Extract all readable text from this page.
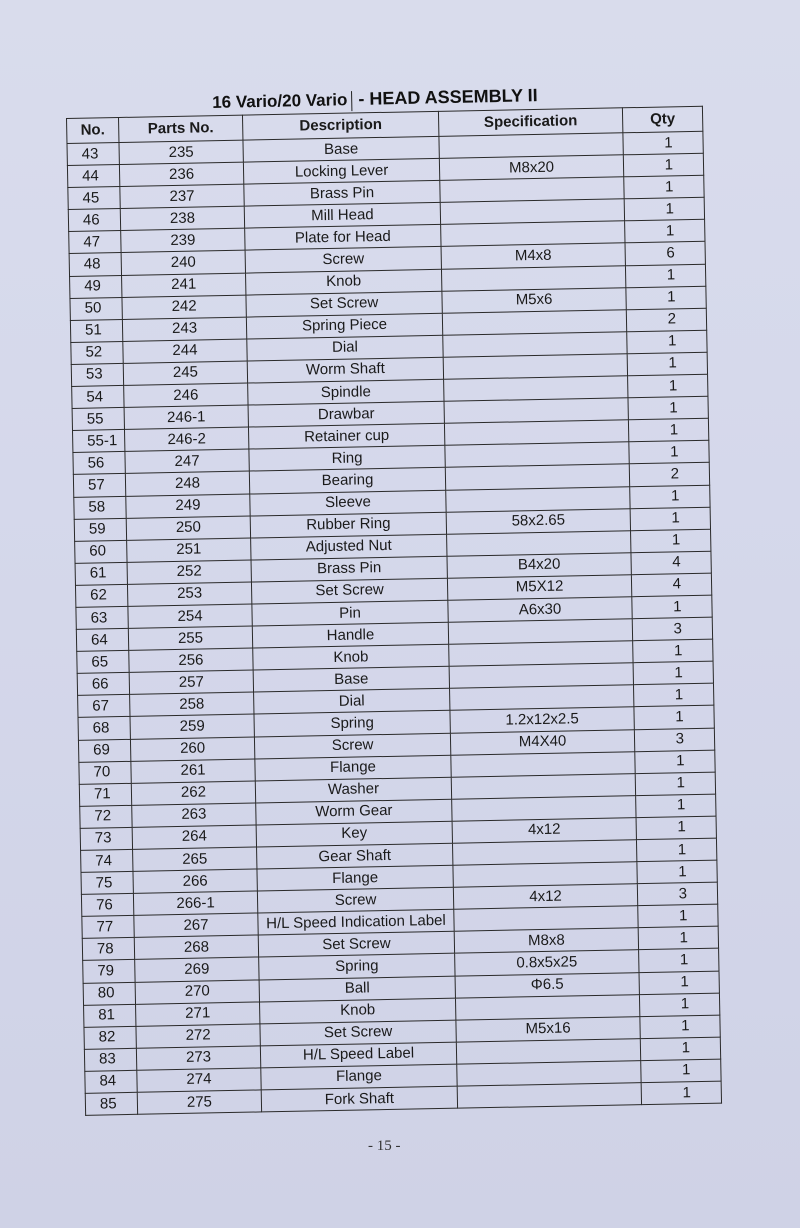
16 Vario/20 Vario - HEAD ASSEMBLY II
No.	Parts No.	Description	Specification	Qty
43	235	Base		1
44	236	Locking Lever	M8x20	1
45	237	Brass Pin		1
46	238	Mill Head		1
47	239	Plate for Head		1
48	240	Screw	M4x8	6
49	241	Knob		1
50	242	Set Screw	M5x6	1
51	243	Spring Piece		2
52	244	Dial		1
53	245	Worm Shaft		1
54	246	Spindle		1
55	246-1	Drawbar		1
55-1	246-2	Retainer cup		1
56	247	Ring		1
57	248	Bearing		2
58	249	Sleeve		1
59	250	Rubber Ring	58x2.65	1
60	251	Adjusted Nut		1
61	252	Brass Pin	B4x20	4
62	253	Set Screw	M5X12	4
63	254	Pin	A6x30	1
64	255	Handle		3
65	256	Knob		1
66	257	Base		1
67	258	Dial		1
68	259	Spring	1.2x12x2.5	1
69	260	Screw	M4X40	3
70	261	Flange		1
71	262	Washer		1
72	263	Worm Gear		1
73	264	Key	4x12	1
74	265	Gear Shaft		1
75	266	Flange		1
76	266-1	Screw	4x12	3
77	267	H/L Speed Indication Label		1
78	268	Set Screw	M8x8	1
79	269	Spring	0.8x5x25	1
80	270	Ball	Φ6.5	1
81	271	Knob		1
82	272	Set Screw	M5x16	1
83	273	H/L Speed Label		1
84	274	Flange		1
85	275	Fork Shaft		1
- 15 -
